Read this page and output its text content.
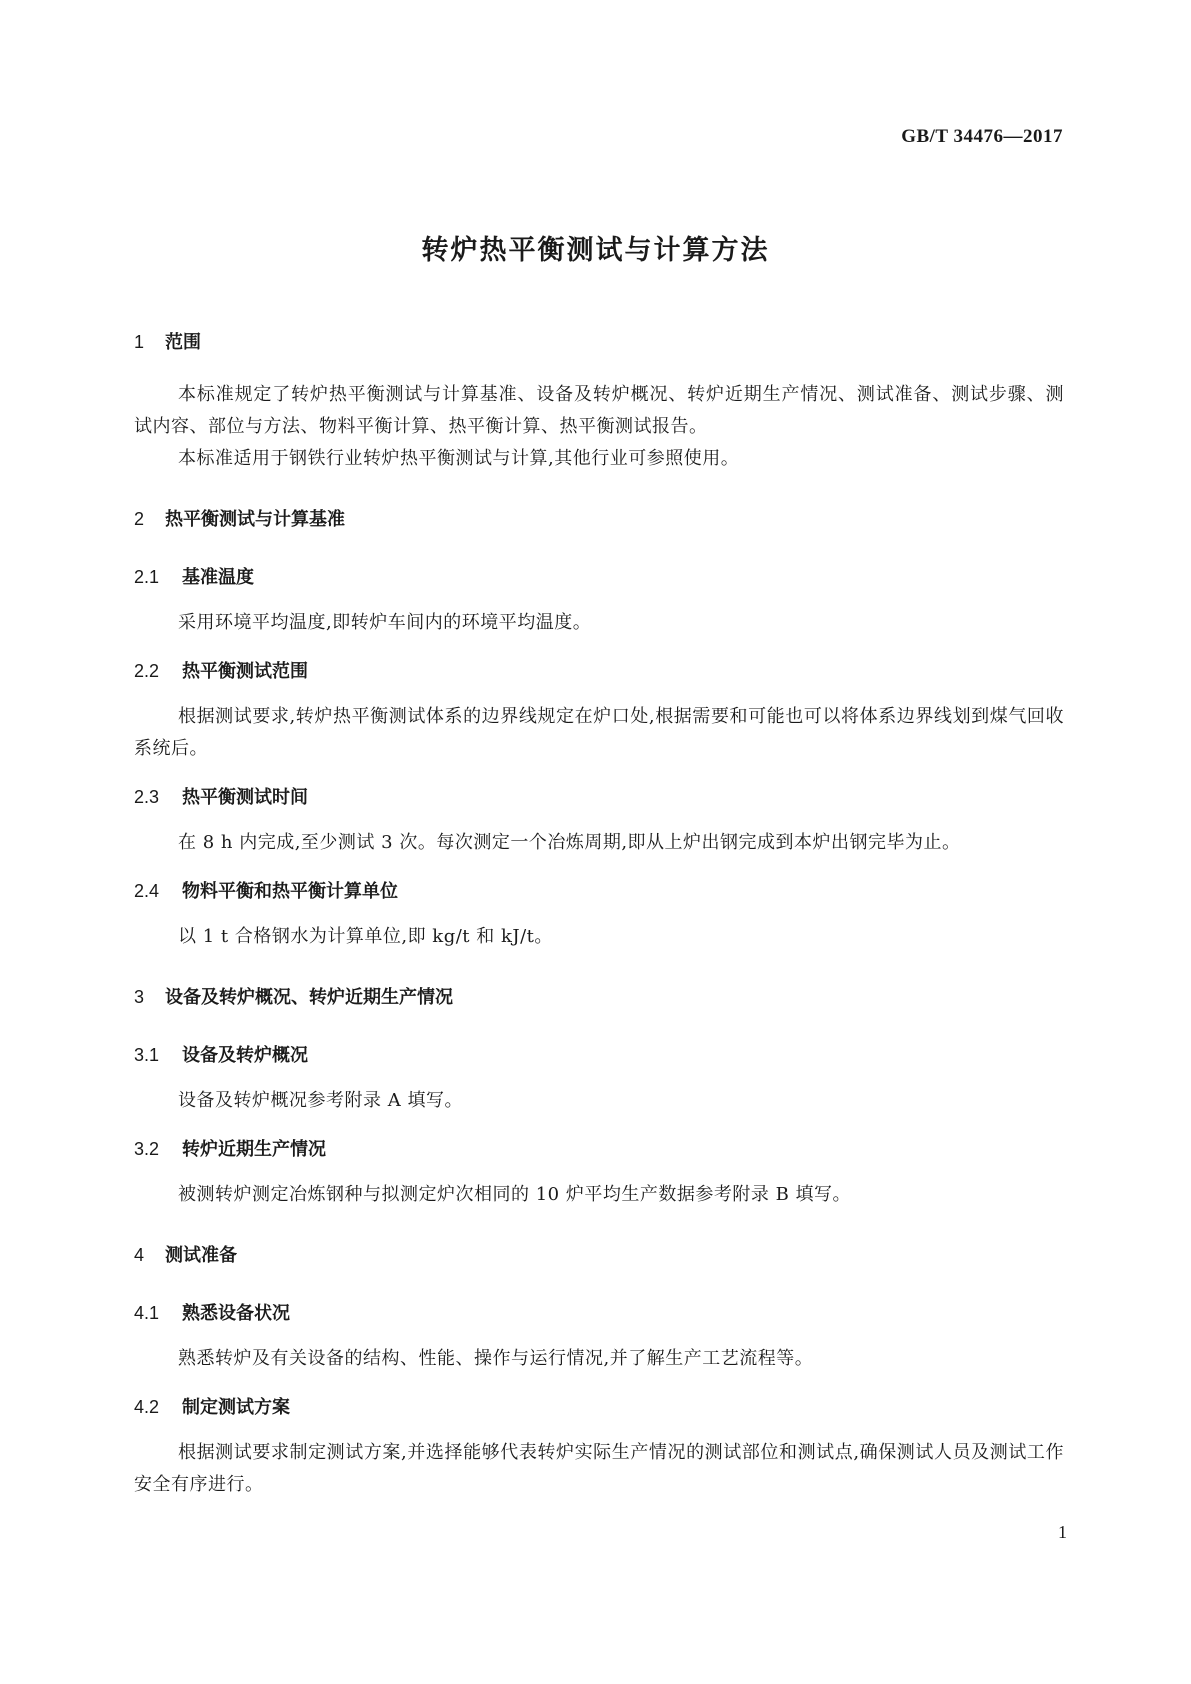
GB/T 34476—2017
转炉热平衡测试与计算方法
1 范围

本标准规定了转炉热平衡测试与计算基准、设备及转炉概况、转炉近期生产情况、测试准备、测试步骤、测试内容、部位与方法、物料平衡计算、热平衡计算、热平衡测试报告。

本标准适用于钢铁行业转炉热平衡测试与计算,其他行业可参照使用。

2 热平衡测试与计算基准
2.1 基准温度

采用环境平均温度,即转炉车间内的环境平均温度。

2.2 热平衡测试范围

根据测试要求,转炉热平衡测试体系的边界线规定在炉口处,根据需要和可能也可以将体系边界线划到煤气回收系统后。

2.3 热平衡测试时间

在 8 h 内完成,至少测试 3 次。每次测定一个冶炼周期,即从上炉出钢完成到本炉出钢完毕为止。

2.4 物料平衡和热平衡计算单位

以 1 t 合格钢水为计算单位,即 kg/t 和 kJ/t。

3 设备及转炉概况、转炉近期生产情况
3.1 设备及转炉概况

设备及转炉概况参考附录 A 填写。

3.2 转炉近期生产情况

被测转炉测定冶炼钢种与拟测定炉次相同的 10 炉平均生产数据参考附录 B 填写。

4 测试准备
4.1 熟悉设备状况

熟悉转炉及有关设备的结构、性能、操作与运行情况,并了解生产工艺流程等。

4.2 制定测试方案

根据测试要求制定测试方案,并选择能够代表转炉实际生产情况的测试部位和测试点,确保测试人员及测试工作安全有序进行。

1
